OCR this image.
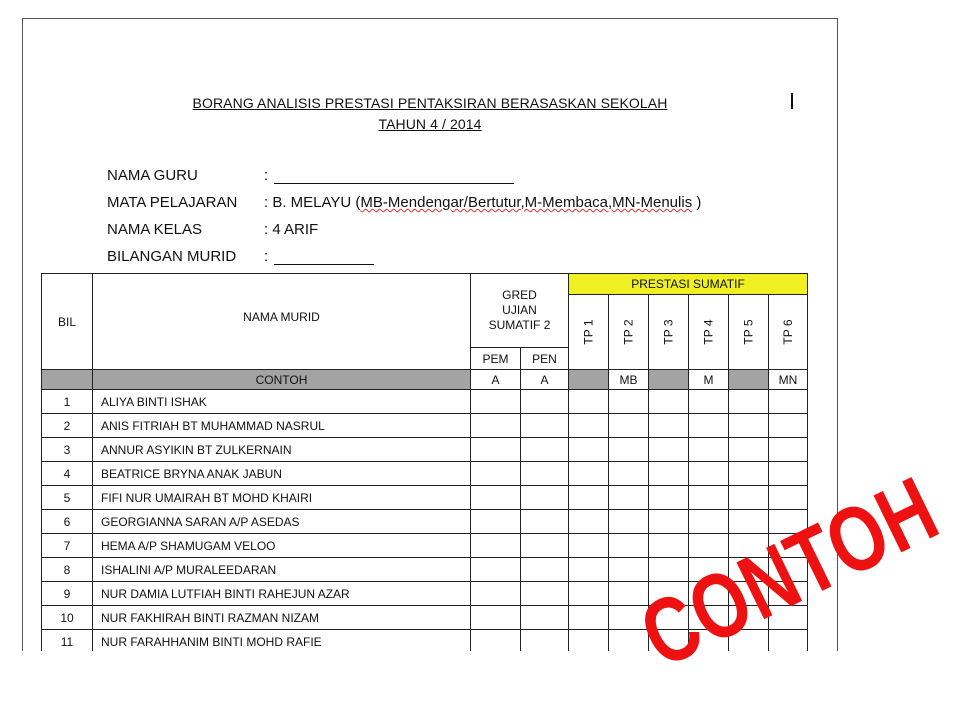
BORANG ANALISIS PRESTASI PENTAKSIRAN BERASASKAN SEKOLAH
TAHUN 4 / 2014
NAMA GURU	:
MATA PELAJARAN	: B. MELAYU (MB-Mendengar/Bertutur,M-Membaca,MN-Menulis )
NAMA KELAS	: 4 ARIF
BILANGAN MURID	:
BIL	NAMA MURID	GRED UJIAN SUMATIF 2		PRESTASI SUMATIF					

				TP 1	TP 2	TP 3	TP 4	TP 5	TP 6

		PEM	PEN						
	CONTOH	A	A		MB		M		MN
1	ALIYA BINTI ISHAK								
2	ANIS FITRIAH BT MUHAMMAD NASRUL								
3	ANNUR ASYIKIN BT ZULKERNAIN								
4	BEATRICE BRYNA ANAK JABUN								
5	FIFI NUR UMAIRAH BT MOHD KHAIRI								
6	GEORGIANNA SARAN A/P ASEDAS								
7	HEMA A/P SHAMUGAM VELOO								
8	ISHALINI A/P MURALEEDARAN								
9	NUR DAMIA LUTFIAH BINTI RAHEJUN AZAR								
10	NUR FAKHIRAH BINTI RAZMAN NIZAM								
11	NUR FARAHHANIM BINTI MOHD RAFIE									CONTOH
